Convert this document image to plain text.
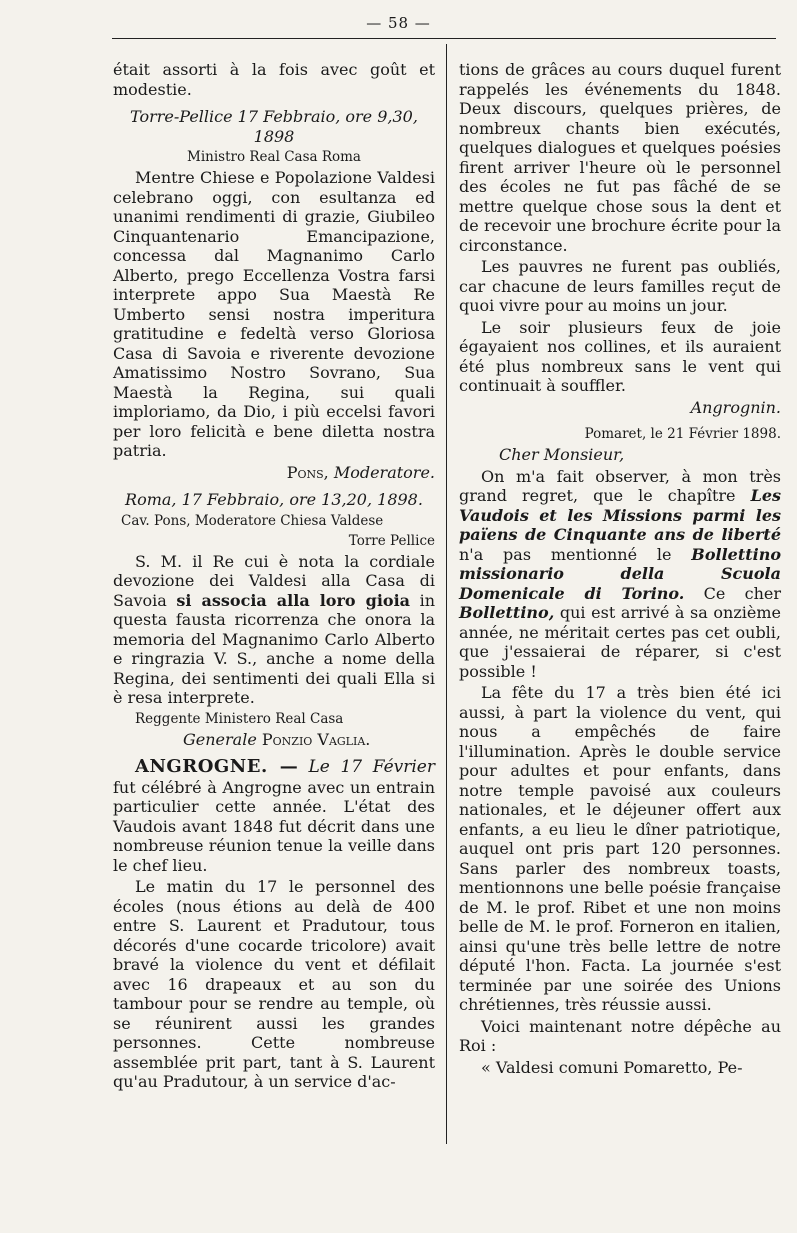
— 58 —

était assorti à la fois avec goût et modestie.

Torre-Pellice 17 Febbraio, ore 9,30, 1898

Ministro Real Casa Roma

Mentre Chiese e Popolazione Valdesi celebrano oggi, con esultanza ed unanimi rendimenti di grazie, Giubileo Cinquantenario Emancipazione, concessa dal Magnanimo Carlo Alberto, prego Eccellenza Vostra farsi interprete appo Sua Maestà Re Umberto sensi nostra imperitura gratitudine e fedeltà verso Gloriosa Casa di Savoia e riverente devozione Amatissimo Nostro Sovrano, Sua Maestà la Regina, sui quali imploriamo, da Dio, i più eccelsi favori per loro felicità e bene diletta nostra patria.

Pons, Moderatore.

Roma, 17 Febbraio, ore 13,20, 1898.

Cav. Pons, Moderatore Chiesa Valdese

Torre Pellice

S. M. il Re cui è nota la cordiale devozione dei Valdesi alla Casa di Savoia si associa alla loro gioia in questa fausta ricorrenza che onora la memoria del Magnanimo Carlo Alberto e ringrazia V. S., anche a nome della Regina, dei sentimenti dei quali Ella si è resa interprete.

Reggente Ministero Real Casa

Generale Ponzio Vaglia.

ANGROGNE. — Le 17 Février fut célébré à Angrogne avec un entrain particulier cette année. L'état des Vaudois avant 1848 fut décrit dans une nombreuse réunion tenue la veille dans le chef lieu.

Le matin du 17 le personnel des écoles (nous étions au delà de 400 entre S. Laurent et Pradutour, tous décorés d'une cocarde tricolore) avait bravé la violence du vent et défilait avec 16 drapeaux et au son du tambour pour se rendre au temple, où se réunirent aussi les grandes personnes. Cette nombreuse assemblée prit part, tant à S. Laurent qu'au Pradutour, à un service d'ac-

tions de grâces au cours duquel furent rappelés les événements du 1848. Deux discours, quelques prières, de nombreux chants bien exécutés, quelques dialogues et quelques poésies firent arriver l'heure où le personnel des écoles ne fut pas fâché de se mettre quelque chose sous la dent et de recevoir une brochure écrite pour la circonstance.

Les pauvres ne furent pas oubliés, car chacune de leurs familles reçut de quoi vivre pour au moins un jour.

Le soir plusieurs feux de joie égayaient nos collines, et ils auraient été plus nombreux sans le vent qui continuait à souffler.

Angrognin.

Pomaret, le 21 Février 1898.

Cher Monsieur,

On m'a fait observer, à mon très grand regret, que le chapître Les Vaudois et les Missions parmi les païens de Cinquante ans de liberté n'a pas mentionné le Bollettino missionario della Scuola Domenicale di Torino. Ce cher Bollettino, qui est arrivé à sa onzième année, ne méritait certes pas cet oubli, que j'essaierai de réparer, si c'est possible !

La fête du 17 a très bien été ici aussi, à part la violence du vent, qui nous a empêchés de faire l'illumination. Après le double service pour adultes et pour enfants, dans notre temple pavoisé aux couleurs nationales, et le déjeuner offert aux enfants, a eu lieu le dîner patriotique, auquel ont pris part 120 personnes. Sans parler des nombreux toasts, mentionnons une belle poésie française de M. le prof. Ribet et une non moins belle de M. le prof. Forneron en italien, ainsi qu'une très belle lettre de notre député l'hon. Facta. La journée s'est terminée par une soirée des Unions chrétiennes, très réussie aussi.

Voici maintenant notre dépêche au Roi :

« Valdesi comuni Pomaretto, Pe-
